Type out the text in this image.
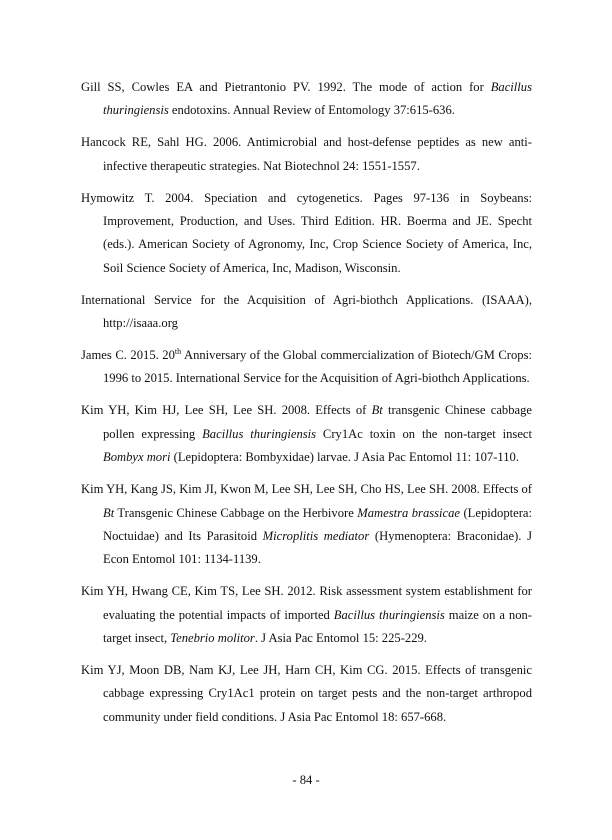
Gill SS, Cowles EA and Pietrantonio PV. 1992. The mode of action for Bacillus thuringiensis endotoxins. Annual Review of Entomology 37:615-636.

Hancock RE, Sahl HG. 2006. Antimicrobial and host-defense peptides as new anti-infective therapeutic strategies. Nat Biotechnol 24: 1551-1557.

Hymowitz T. 2004. Speciation and cytogenetics. Pages 97-136 in Soybeans: Improvement, Production, and Uses. Third Edition. HR. Boerma and JE. Specht (eds.). American Society of Agronomy, Inc, Crop Science Society of America, Inc, Soil Science Society of America, Inc, Madison, Wisconsin.

International Service for the Acquisition of Agri-biothch Applications. (ISAAA), http://isaaa.org

James C. 2015. 20th Anniversary of the Global commercialization of Biotech/GM Crops: 1996 to 2015. International Service for the Acquisition of Agri-biothch Applications.

Kim YH, Kim HJ, Lee SH, Lee SH. 2008. Effects of Bt transgenic Chinese cabbage pollen expressing Bacillus thuringiensis Cry1Ac toxin on the non-target insect Bombyx mori (Lepidoptera: Bombyxidae) larvae. J Asia Pac Entomol 11: 107-110.

Kim YH, Kang JS, Kim JI, Kwon M, Lee SH, Lee SH, Cho HS, Lee SH. 2008. Effects of Bt Transgenic Chinese Cabbage on the Herbivore Mamestra brassicae (Lepidoptera: Noctuidae) and Its Parasitoid Microplitis mediator (Hymenoptera: Braconidae). J Econ Entomol 101: 1134-1139.

Kim YH, Hwang CE, Kim TS, Lee SH. 2012. Risk assessment system establishment for evaluating the potential impacts of imported Bacillus thuringiensis maize on a non-target insect, Tenebrio molitor. J Asia Pac Entomol 15: 225-229.

Kim YJ, Moon DB, Nam KJ, Lee JH, Harn CH, Kim CG. 2015. Effects of transgenic cabbage expressing Cry1Ac1 protein on target pests and the non-target arthropod community under field conditions. J Asia Pac Entomol 18: 657-668.

- 84 -
